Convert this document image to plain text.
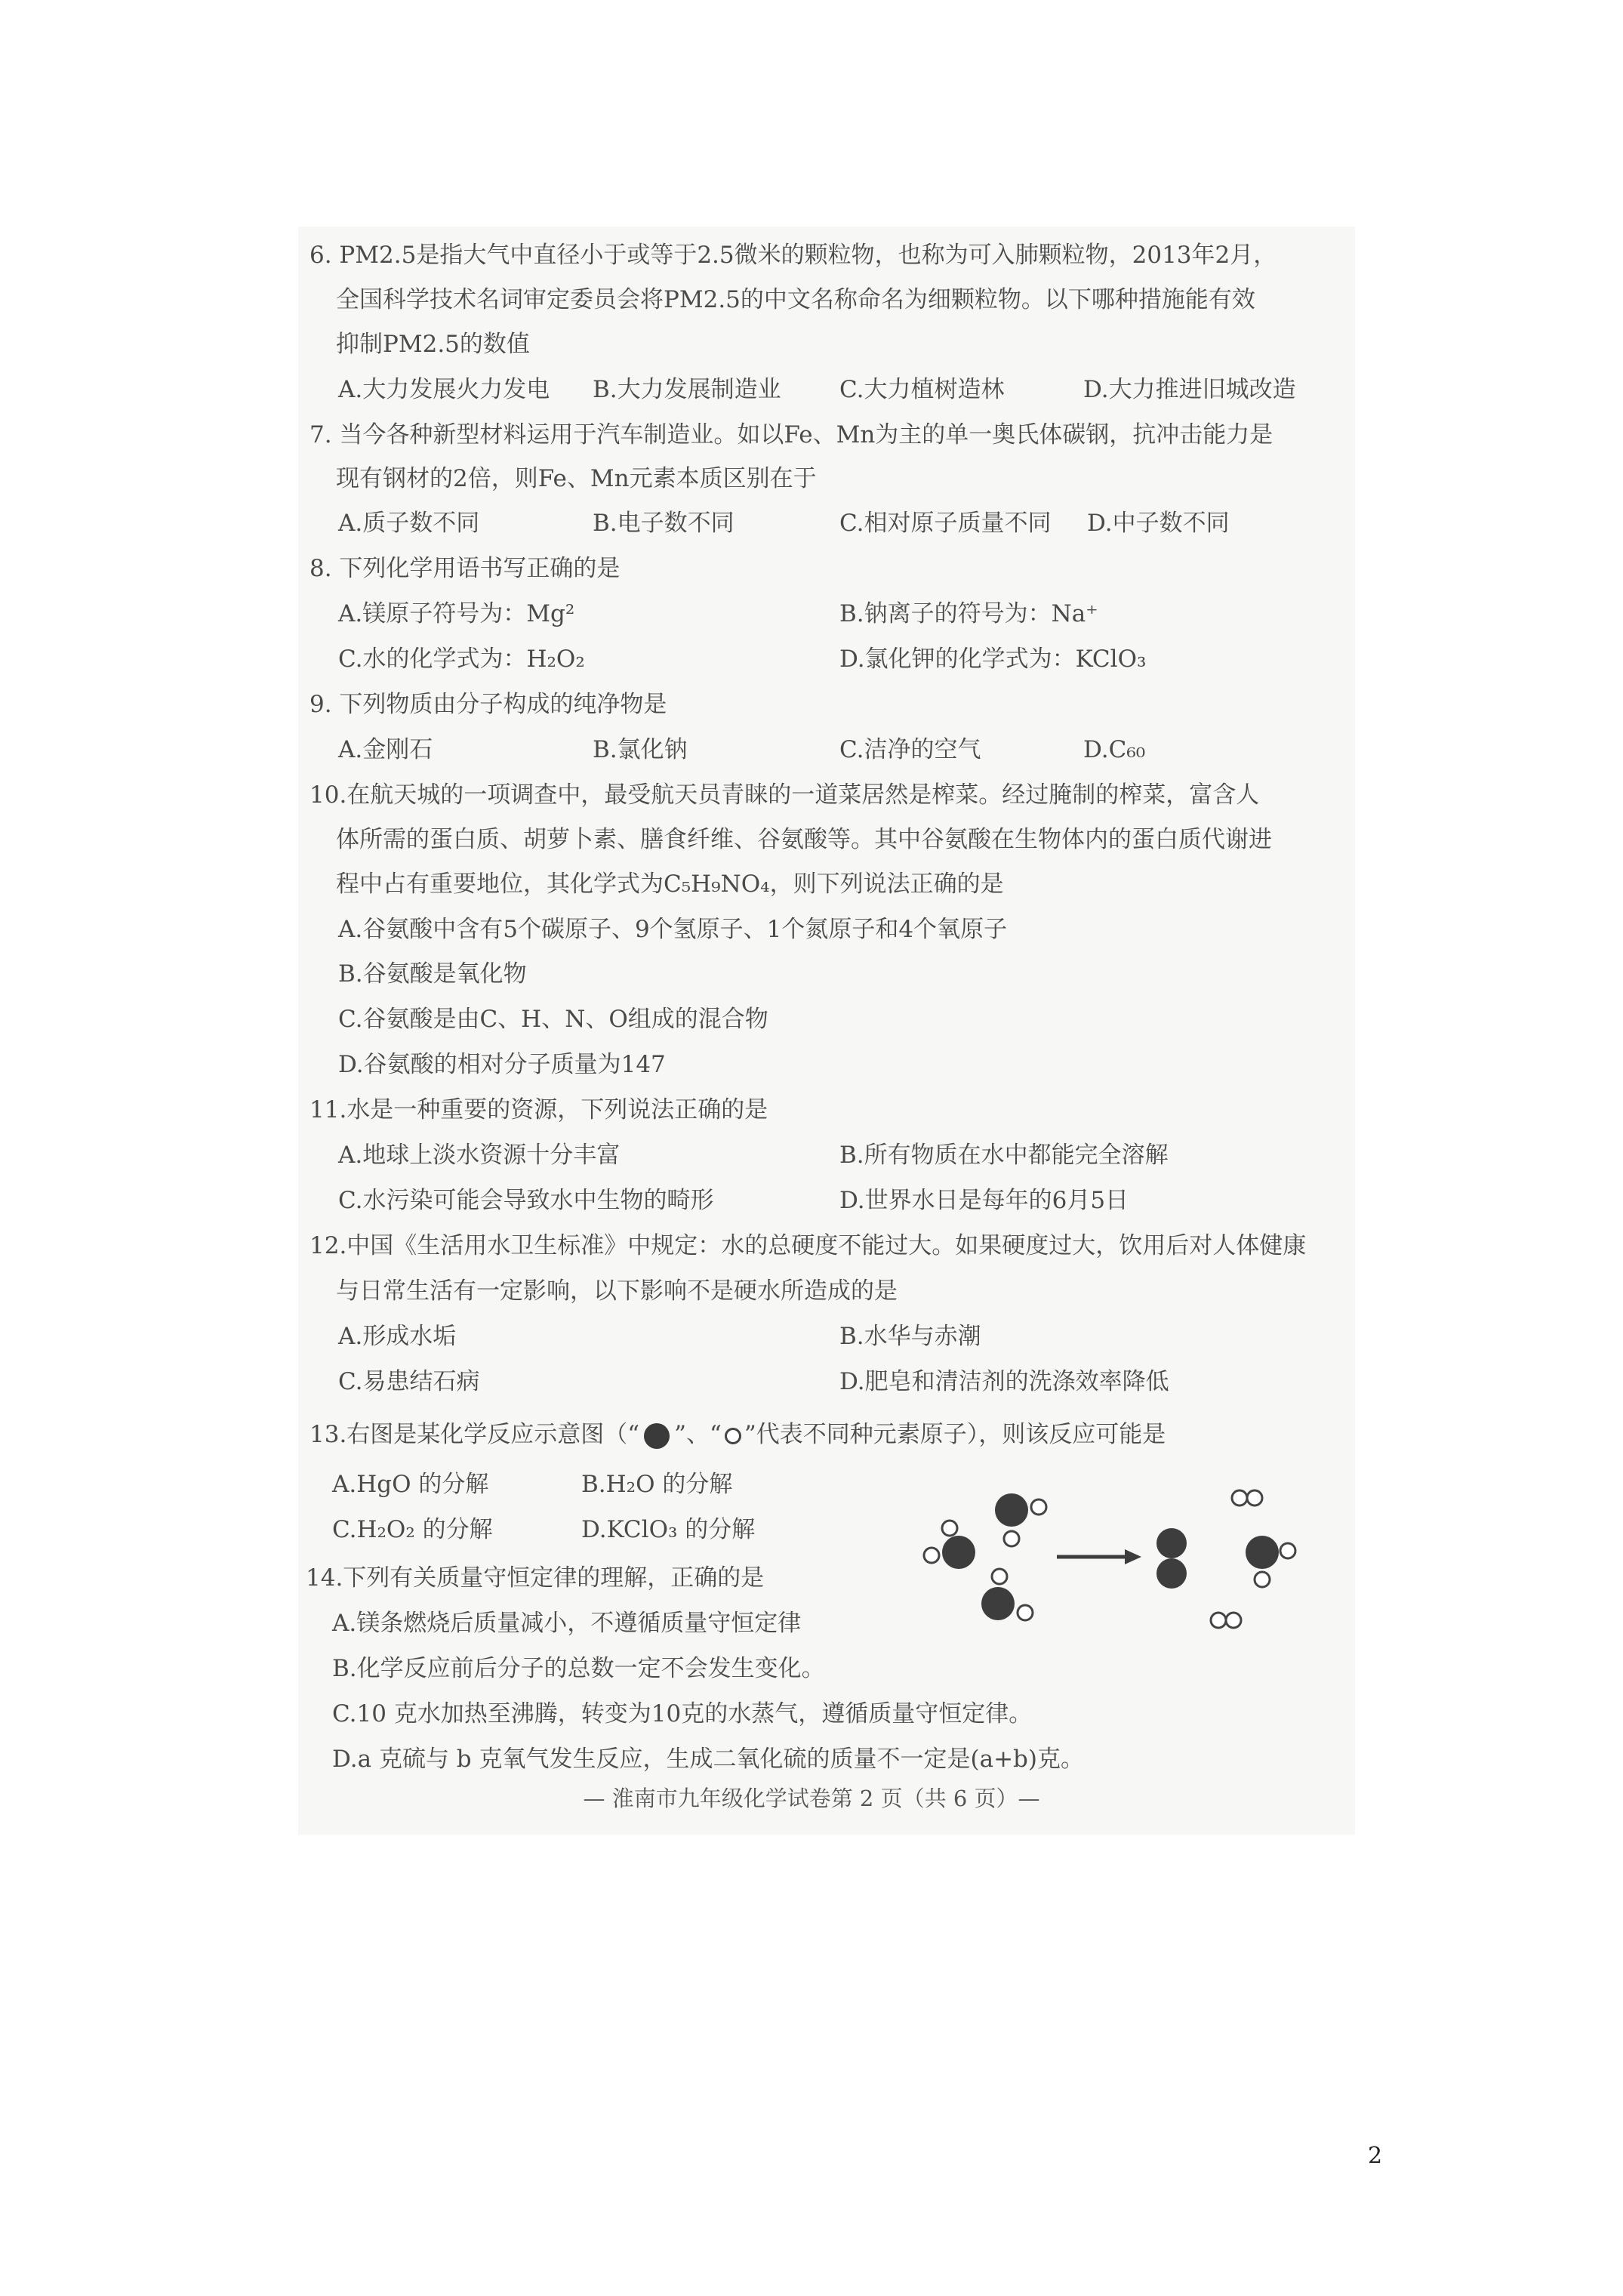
6. PM2.5是指大气中直径小于或等于2.5微米的颗粒物，也称为可入肺颗粒物，2013年2月，
全国科学技术名词审定委员会将PM2.5的中文名称命名为细颗粒物。以下哪种措施能有效
抑制PM2.5的数值
A.大力发展火力发电 B.大力发展制造业 C.大力植树造林	D.大力推进旧城改造
7. 当今各种新型材料运用于汽车制造业。如以Fe、Mn为主的单一奥氏体碳钢，抗冲击能力是
现有钢材的2倍，则Fe、Mn元素本质区别在于
A.质子数不同	B.电子数不同	C.相对原子质量不同 D.中子数不同
8. 下列化学用语书写正确的是
A.镁原子符号为：Mg²	B.钠离子的符号为：Na⁺
C.水的化学式为：H₂O₂	D.氯化钾的化学式为：KClO₃
9. 下列物质由分子构成的纯净物是
A.金刚石	B.氯化钠	C.洁净的空气	D.C₆₀
10.在航天城的一项调查中，最受航天员青睐的一道菜居然是榨菜。经过腌制的榨菜，富含人
体所需的蛋白质、胡萝卜素、膳食纤维、谷氨酸等。其中谷氨酸在生物体内的蛋白质代谢进
程中占有重要地位，其化学式为C₅H₉NO₄，则下列说法正确的是
A.谷氨酸中含有5个碳原子、9个氢原子、1个氮原子和4个氧原子
B.谷氨酸是氧化物
C.谷氨酸是由C、H、N、O组成的混合物
D.谷氨酸的相对分子质量为147
11.水是一种重要的资源，下列说法正确的是
A.地球上淡水资源十分丰富	B.所有物质在水中都能完全溶解
C.水污染可能会导致水中生物的畸形	D.世界水日是每年的6月5日
12.中国《生活用水卫生标准》中规定：水的总硬度不能过大。如果硬度过大，饮用后对人体健康
与日常生活有一定影响，以下影响不是硬水所造成的是
A.形成水垢	B.水华与赤潮
C.易患结石病	D.肥皂和清洁剂的洗涤效率降低
13.右图是某化学反应示意图（“ ”、“ ”代表不同种元素原子），则该反应可能是
A.HgO 的分解	B.H₂O 的分解
C.H₂O₂ 的分解	D.KClO₃ 的分解
14.下列有关质量守恒定律的理解，正确的是
A.镁条燃烧后质量减小，不遵循质量守恒定律
B.化学反应前后分子的总数一定不会发生变化。
C.10 克水加热至沸腾，转变为10克的水蒸气，遵循质量守恒定律。
D.a 克硫与 b 克氧气发生反应，生成二氧化硫的质量不一定是(a+b)克。
— 淮南市九年级化学试卷第 2 页（共 6 页）—
2
